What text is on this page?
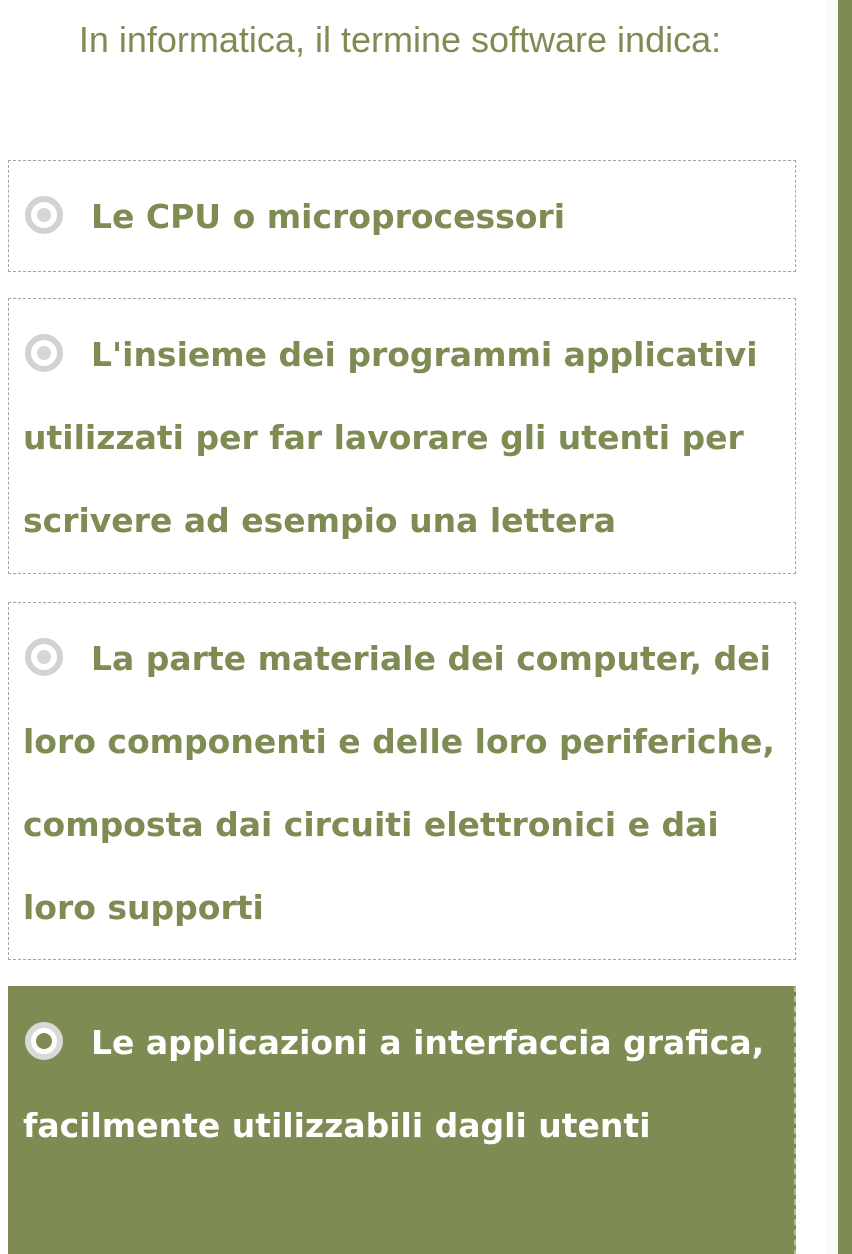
In informatica, il termine software indica:

Le CPU o microprocessori
L'insieme dei programmi applicativi utilizzati per far lavorare gli utenti per scrivere ad esempio una lettera
La parte materiale dei computer, dei loro componenti e delle loro periferiche, composta dai circuiti elettronici e dai loro supporti
Le applicazioni a interfaccia grafica, facilmente utilizzabili dagli utenti
